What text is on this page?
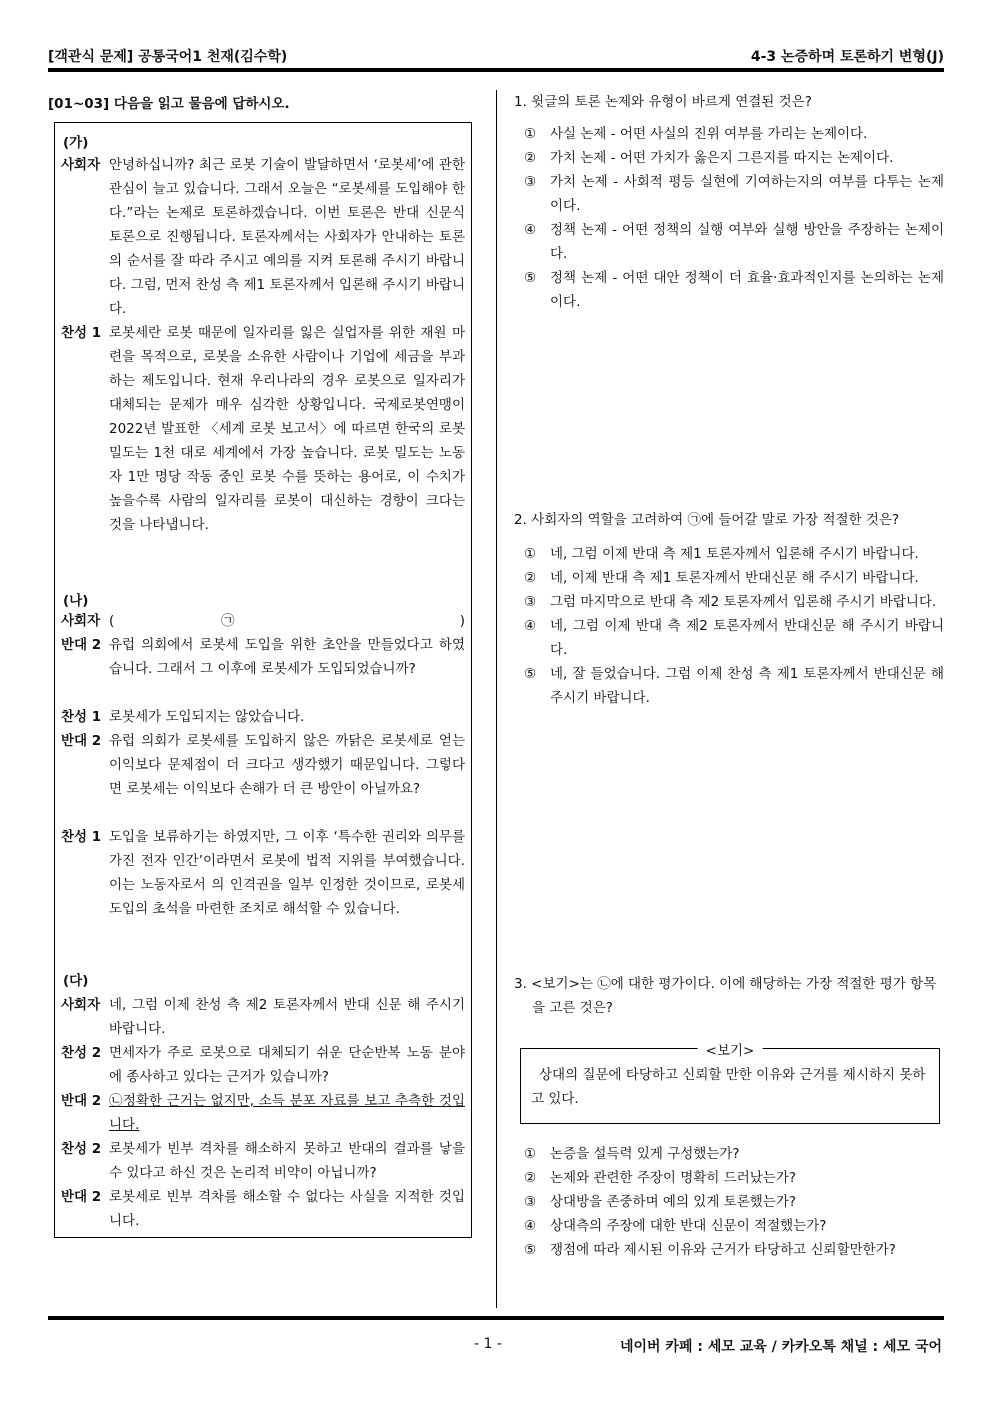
[객관식 문제] 공통국어1 천재(김수학)	4-3 논증하며 토론하기 변형(J)
[01~03] 다음을 읽고 물음에 답하시오.
(가)
사회자 안녕하십니까? 최근 로봇 기술이 발달하면서 ‘로봇세’에 관한 관심이 늘고 있습니다. 그래서 오늘은 “로봇세를 도입해야 한다.”라는 논제로 토론하겠습니다. 이번 토론은 반대 신문식 토론으로 진행됩니다. 토론자께서는 사회자가 안내하는 토론의 순서를 잘 따라 주시고 예의를 지켜 토론해 주시기 바랍니다. 그럼, 먼저 찬성 측 제1 토론자께서 입론해 주시기 바랍니다.
찬성 1 로봇세란 로봇 때문에 일자리를 잃은 실업자를 위한 재원 마련을 목적으로, 로봇을 소유한 사람이나 기업에 세금을 부과하는 제도입니다. 현재 우리나라의 경우 로봇으로 일자리가 대체되는 문제가 매우 심각한 상황입니다. 국제로봇연맹이 2022년 발표한 〈세계 로봇 보고서〉에 따르면 한국의 로봇 밀도는 1천 대로 세계에서 가장 높습니다. 로봇 밀도는 노동자 1만 명당 작동 중인 로봇 수를 뜻하는 용어로, 이 수치가 높을수록 사람의 일자리를 로봇이 대신하는 경향이 크다는 것을 나타냅니다.
(나)
사회자 (	㉠	)
반대 2 유럽 의회에서 로봇세 도입을 위한 초안을 만들었다고 하였습니다. 그래서 그 이후에 로봇세가 도입되었습니까?
찬성 1 로봇세가 도입되지는 않았습니다.
반대 2 유럽 의회가 로봇세를 도입하지 않은 까닭은 로봇세로 얻는 이익보다 문제점이 더 크다고 생각했기 때문입니다. 그렇다면 로봇세는 이익보다 손해가 더 큰 방안이 아닐까요?
찬성 1 도입을 보류하기는 하였지만, 그 이후 ‘특수한 권리와 의무를 가진 전자 인간’이라면서 로봇에 법적 지위를 부여했습니다. 이는 노동자로서 의 인격권을 일부 인정한 것이므로, 로봇세 도입의 초석을 마련한 조치로 해석할 수 있습니다.
(다)
사회자 네, 그럼 이제 찬성 측 제2 토론자께서 반대 신문 해 주시기 바랍니다.
찬성 2 면세자가 주로 로봇으로 대체되기 쉬운 단순반복 노동 분야에 종사하고 있다는 근거가 있습니까?
반대 2 ㉡정확한 근거는 없지만, 소득 분포 자료를 보고 추측한 것입니다.
찬성 2 로봇세가 빈부 격차를 해소하지 못하고 반대의 결과를 낳을 수 있다고 하신 것은 논리적 비약이 아닙니까?
반대 2 로봇세로 빈부 격차를 해소할 수 없다는 사실을 지적한 것입니다.
1. 윗글의 토론 논제와 유형이 바르게 연결된 것은?
① 사실 논제 - 어떤 사실의 진위 여부를 가리는 논제이다.
② 가치 논제 - 어떤 가치가 옳은지 그른지를 따지는 논제이다.
③ 가치 논제 - 사회적 평등 실현에 기여하는지의 여부를 다투는 논제이다.
④ 정책 논제 - 어떤 정책의 실행 여부와 실행 방안을 주장하는 논제이다.
⑤ 정책 논제 - 어떤 대안 정책이 더 효율·효과적인지를 논의하는 논제이다.
2. 사회자의 역할을 고려하여 ㉠에 들어갈 말로 가장 적절한 것은?
① 네, 그럼 이제 반대 측 제1 토론자께서 입론해 주시기 바랍니다.
② 네, 이제 반대 측 제1 토론자께서 반대신문 해 주시기 바랍니다.
③ 그럼 마지막으로 반대 측 제2 토론자께서 입론해 주시기 바랍니다.
④ 네, 그럼 이제 반대 측 제2 토론자께서 반대신문 해 주시기 바랍니다.
⑤ 네, 잘 들었습니다. 그럼 이제 찬성 측 제1 토론자께서 반대신문 해 주시기 바랍니다.
3. <보기>는 ㉡에 대한 평가이다. 이에 해당하는 가장 적절한 평가 항목을 고른 것은?
<보기>
상대의 질문에 타당하고 신뢰할 만한 이유와 근거를 제시하지 못하고 있다.
① 논증을 설득력 있게 구성했는가?
② 논제와 관련한 주장이 명확히 드러났는가?
③ 상대방을 존중하며 예의 있게 토론했는가?
④ 상대측의 주장에 대한 반대 신문이 적절했는가?
⑤ 쟁점에 따라 제시된 이유와 근거가 타당하고 신뢰할만한가?
- 1 -	네이버 카페 : 세모 교육 / 카카오톡 채널 : 세모 국어
